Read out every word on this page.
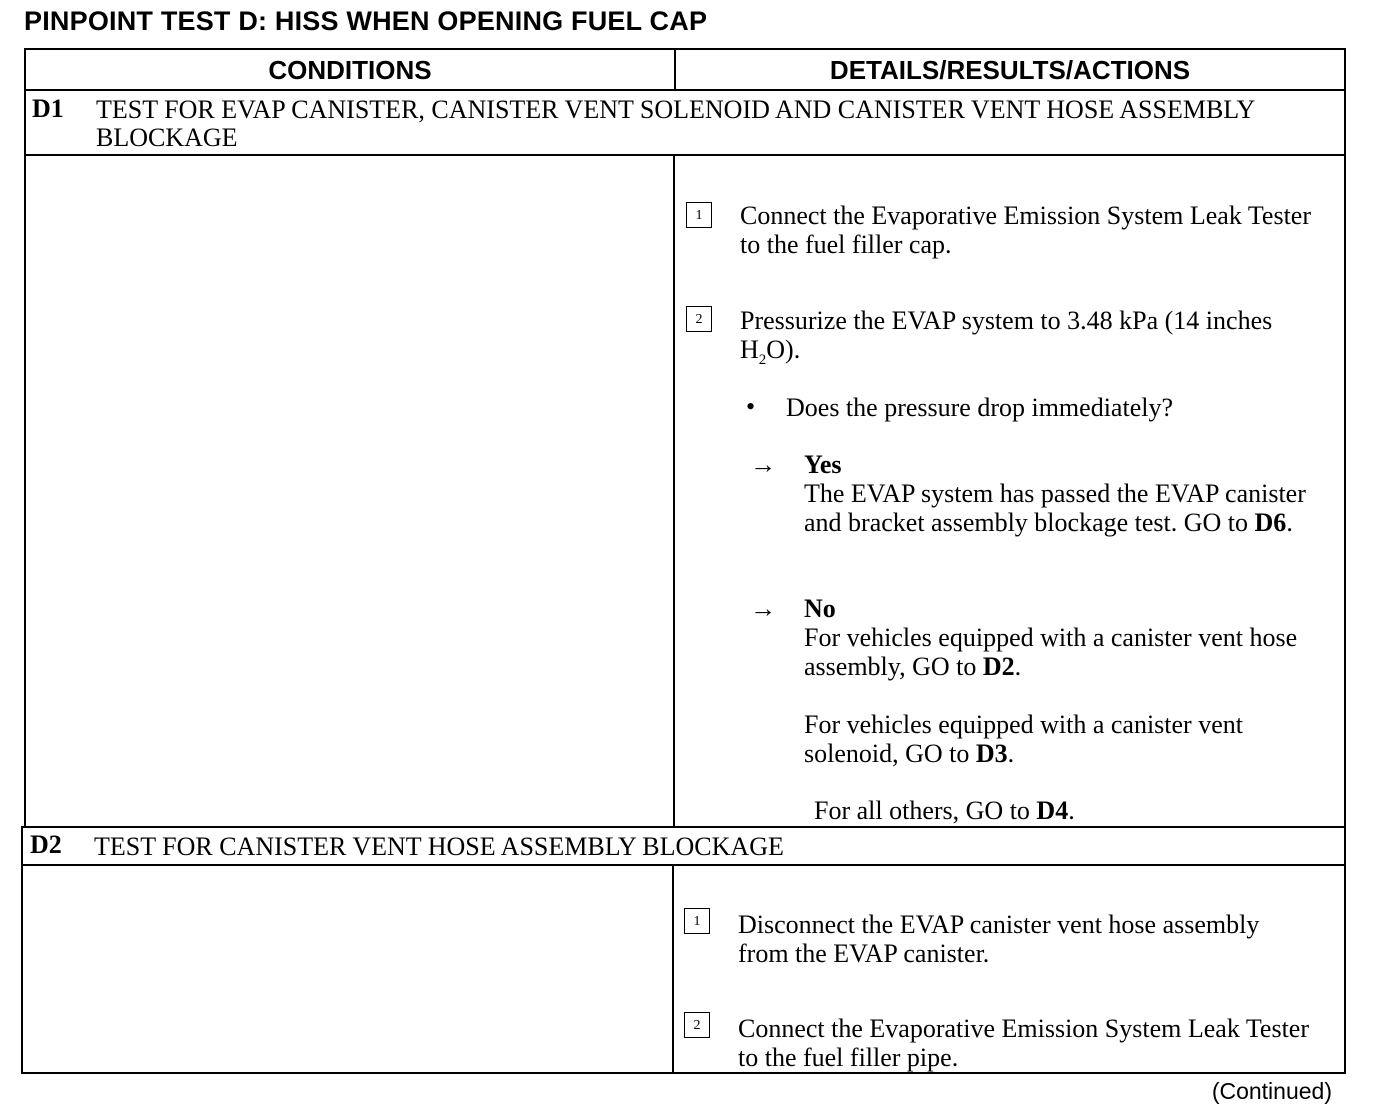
PINPOINT TEST D: HISS WHEN OPENING FUEL CAP
CONDITIONS	DETAILS/RESULTS/ACTIONS
D1 TEST FOR EVAP CANISTER, CANISTER VENT SOLENOID AND CANISTER VENT HOSE ASSEMBLY BLOCKAGE
1	Connect the Evaporative Emission System Leak Tester to the fuel filler cap.
2	Pressurize the EVAP system to 3.48 kPa (14 inches $H_2O$).
• Does the pressure drop immediately?
→ Yes
The EVAP system has passed the EVAP canister and bracket assembly blockage test. GO to D6.
→ No
For vehicles equipped with a canister vent hose assembly, GO to D2.
For vehicles equipped with a canister vent solenoid, GO to D3.
For all others, GO to D4.
D2 TEST FOR CANISTER VENT HOSE ASSEMBLY BLOCKAGE
1	Disconnect the EVAP canister vent hose assembly from the EVAP canister.
2	Connect the Evaporative Emission System Leak Tester to the fuel filler pipe.
(Continued)
